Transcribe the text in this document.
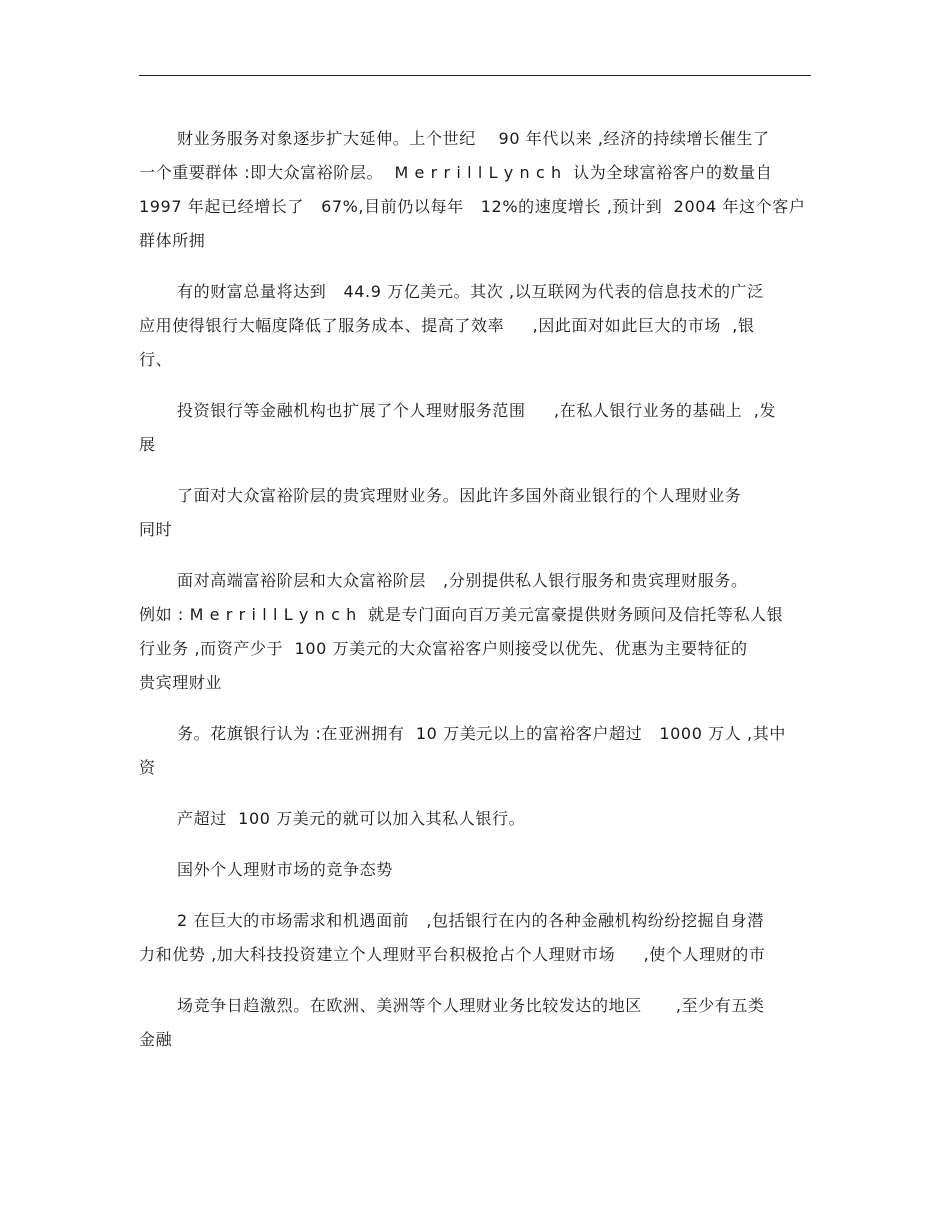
财业务服务对象逐步扩大延伸。上个世纪    90 年代以来 ,经济的持续增长催生了
一个重要群体 :即大众富裕阶层。  M e r r i l l L y n c h  认为全球富裕客户的数量自
1997 年起已经增长了   67%,目前仍以每年   12%的速度增长 ,预计到  2004 年这个客户
群体所拥

有的财富总量将达到   44.9 万亿美元。其次 ,以互联网为代表的信息技术的广泛
应用使得银行大幅度降低了服务成本、提高了效率     ,因此面对如此巨大的市场  ,银
行、

投资银行等金融机构也扩展了个人理财服务范围     ,在私人银行业务的基础上  ,发
展

了面对大众富裕阶层的贵宾理财业务。因此许多国外商业银行的个人理财业务
同时

面对高端富裕阶层和大众富裕阶层   ,分别提供私人银行服务和贵宾理财服务。
例如 : M e r r i l l L y n c h  就是专门面向百万美元富豪提供财务顾问及信托等私人银
行业务 ,而资产少于  100 万美元的大众富裕客户则接受以优先、优惠为主要特征的
贵宾理财业

务。花旗银行认为 :在亚洲拥有  10 万美元以上的富裕客户超过   1000 万人 ,其中
资

产超过  100 万美元的就可以加入其私人银行。

国外个人理财市场的竞争态势

2 在巨大的市场需求和机遇面前   ,包括银行在内的各种金融机构纷纷挖掘自身潜
力和优势 ,加大科技投资建立个人理财平台积极抢占个人理财市场     ,使个人理财的市

场竞争日趋激烈。在欧洲、美洲等个人理财业务比较发达的地区      ,至少有五类
金融
